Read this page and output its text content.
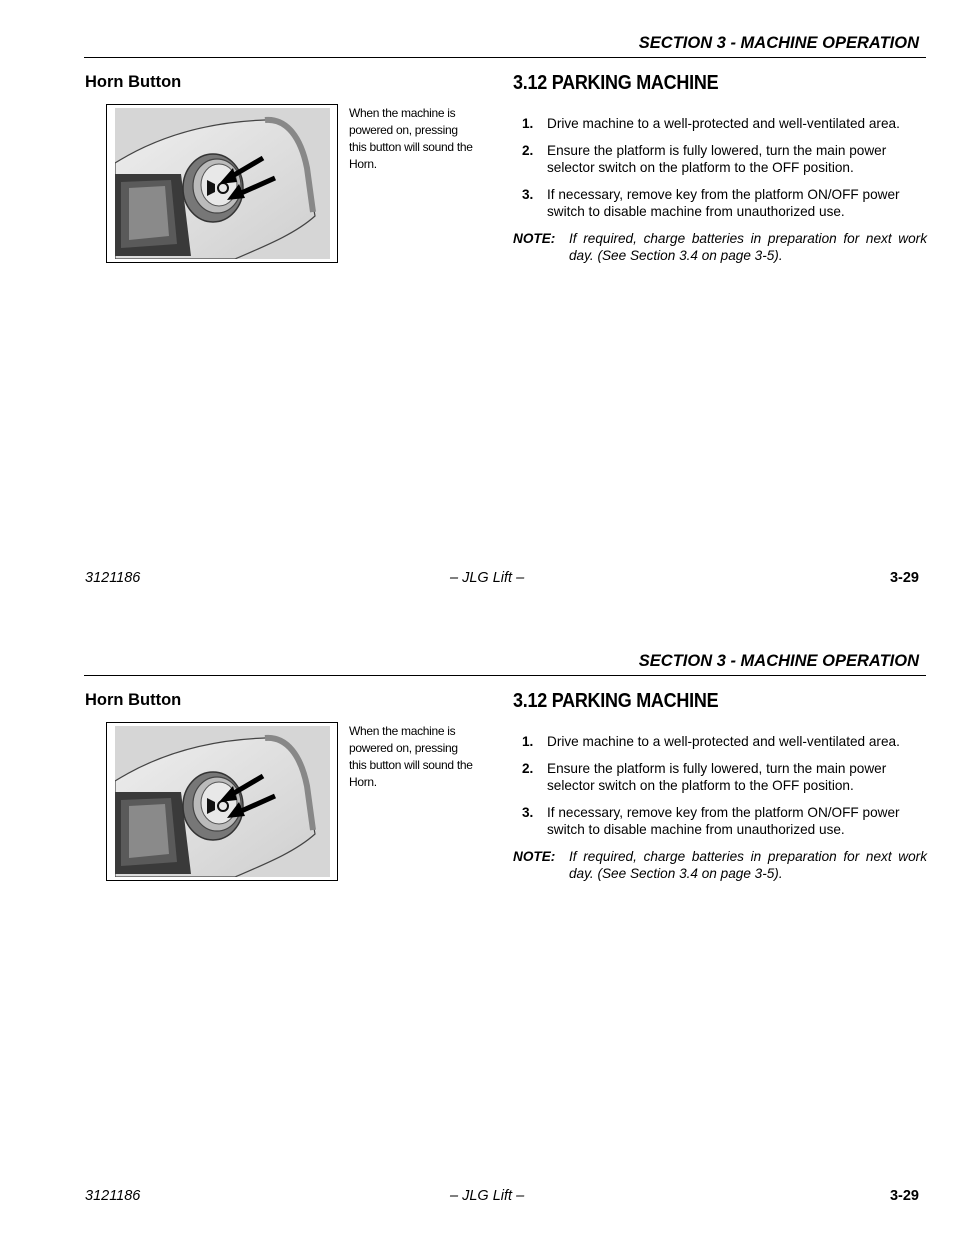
SECTION 3 - MACHINE OPERATION
Horn Button
When the machine is powered on, pressing this button will sound the Horn.
3.12 PARKING MACHINE
1. Drive machine to a well-protected and well-ventilated area.
2. Ensure the platform is fully lowered, turn the main power selector switch on the platform to the OFF position.
3. If necessary, remove key from the platform ON/OFF power switch to disable machine from unauthorized use.
NOTE: If required, charge batteries in preparation for next work day. (See Section 3.4 on page 3-5).
3121186	– JLG Lift –	3-29
SECTION 3 - MACHINE OPERATION
Horn Button
When the machine is powered on, pressing this button will sound the Horn.
3.12 PARKING MACHINE
1. Drive machine to a well-protected and well-ventilated area.
2. Ensure the platform is fully lowered, turn the main power selector switch on the platform to the OFF position.
3. If necessary, remove key from the platform ON/OFF power switch to disable machine from unauthorized use.
NOTE: If required, charge batteries in preparation for next work day. (See Section 3.4 on page 3-5).
3121186	– JLG Lift –	3-29
